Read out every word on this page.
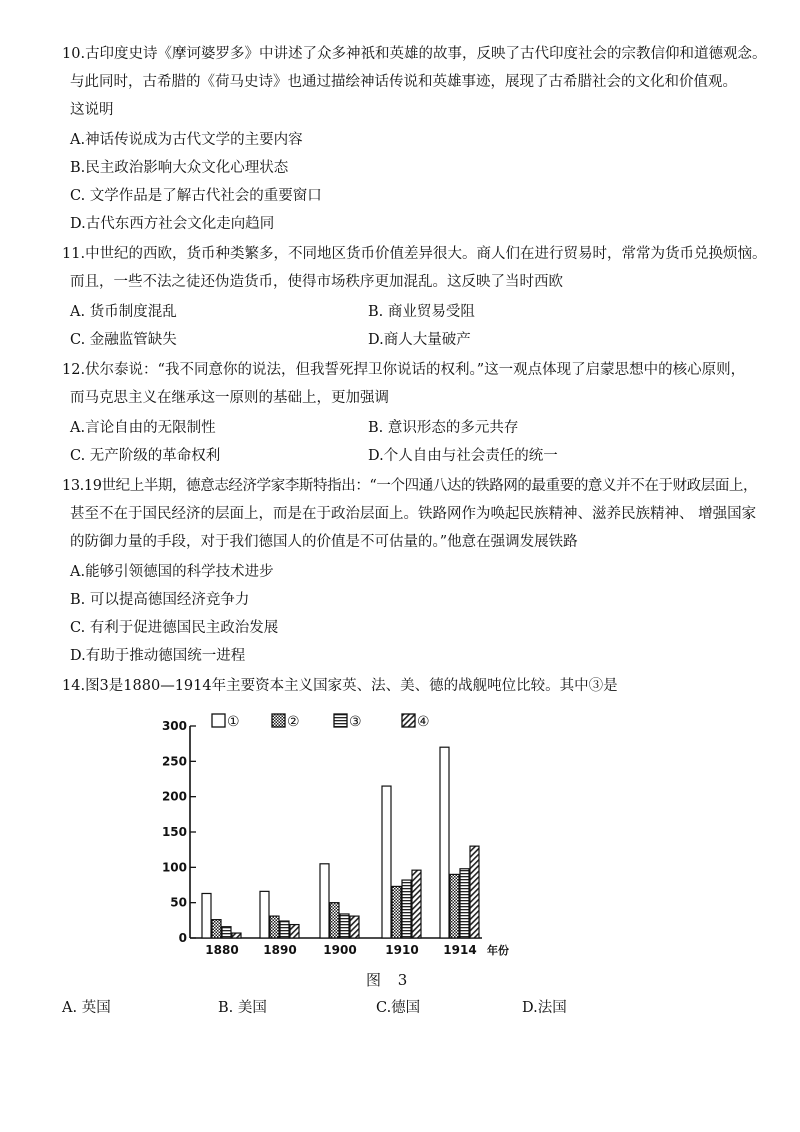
10.古印度史诗《摩诃婆罗多》中讲述了众多神祇和英雄的故事，反映了古代印度社会的宗教信仰和道德观念。
与此同时，古希腊的《荷马史诗》也通过描绘神话传说和英雄事迹，展现了古希腊社会的文化和价值观。
这说明
A.神话传说成为古代文学的主要内容
B.民主政治影响大众文化心理状态
C. 文学作品是了解古代社会的重要窗口
D.古代东西方社会文化走向趋同
11.中世纪的西欧，货币种类繁多，不同地区货币价值差异很大。商人们在进行贸易时，常常为货币兑换烦恼。
而且，一些不法之徒还伪造货币，使得市场秩序更加混乱。这反映了当时西欧
A. 货币制度混乱	B. 商业贸易受阻
C. 金融监管缺失	D.商人大量破产
12.伏尔泰说：“我不同意你的说法，但我誓死捍卫你说话的权利。”这一观点体现了启蒙思想中的核心原则，
而马克思主义在继承这一原则的基础上，更加强调
A.言论自由的无限制性	B. 意识形态的多元共存
C. 无产阶级的革命权利	D.个人自由与社会责任的统一
13.19世纪上半期，德意志经济学家李斯特指出：“一个四通八达的铁路网的最重要的意义并不在于财政层面上，
甚至不在于国民经济的层面上，而是在于政治层面上。铁路网作为唤起民族精神、滋养民族精神、 增强国家
的防御力量的手段，对于我们德国人的价值是不可估量的。”他意在强调发展铁路
A.能够引领德国的科学技术进步
B. 可以提高德国经济竞争力
C. 有利于促进德国民主政治发展
D.有助于推动德国统一进程
14.图3是1880—1914年主要资本主义国家英、法、美、德的战舰吨位比较。其中③是
0
50
100
150
200
250
300	①	②	③	④
1880 1890 1900 1910 1914 年份
图 3
A. 英国	B. 美国	C.德国	D.法国
